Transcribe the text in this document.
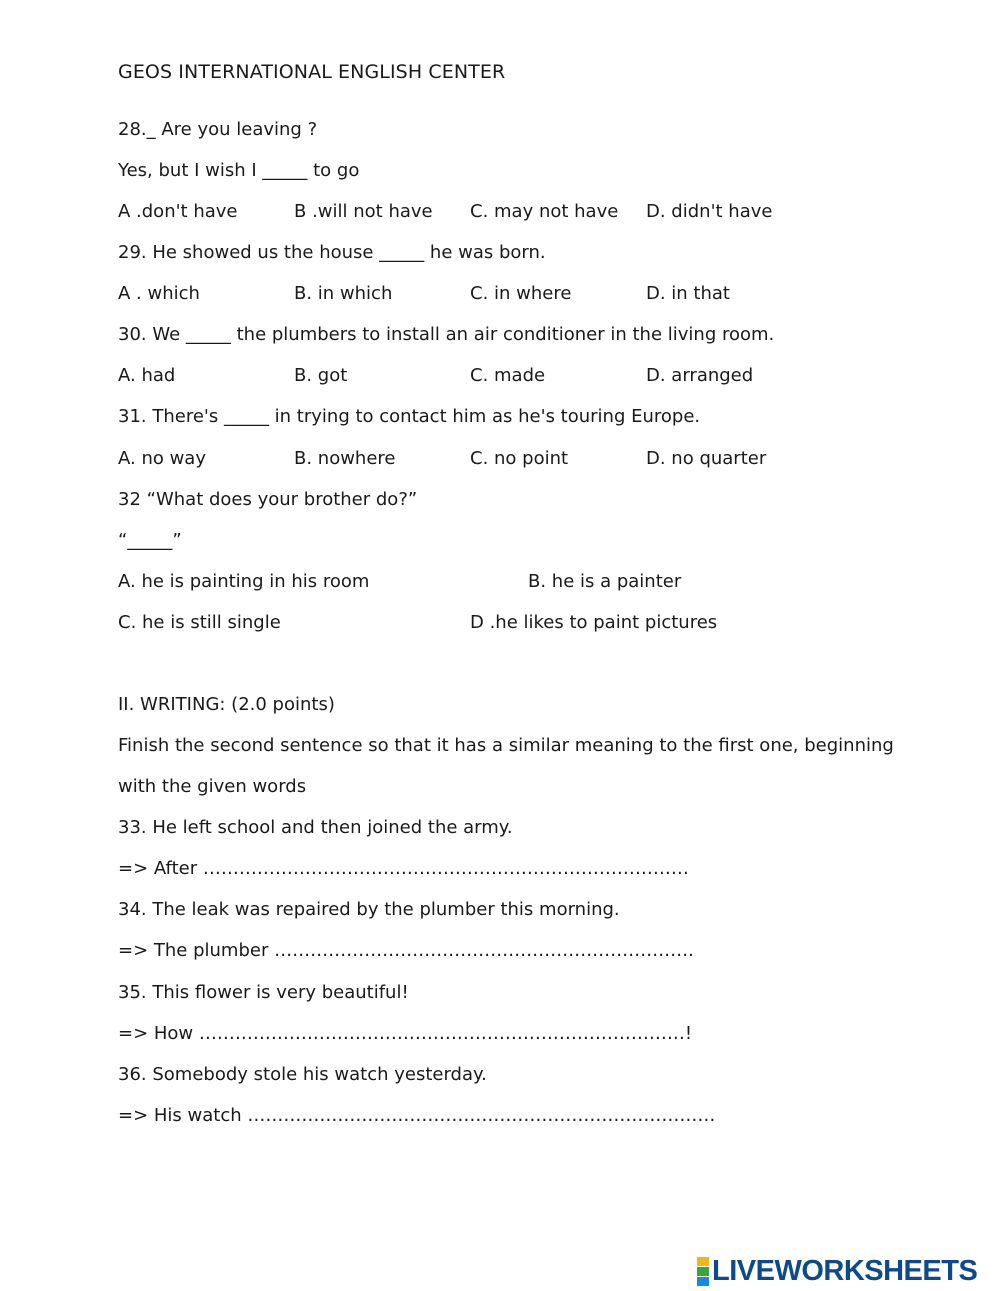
GEOS INTERNATIONAL ENGLISH CENTER
28._ Are you leaving ?
Yes, but I wish I _____ to go
A .don't have	B .will not have C. may not have D. didn't have
29. He showed us the house _____ he was born.
A . which	B. in which	C. in where	D. in that
30. We _____ the plumbers to install an air conditioner in the living room.
A. had	B. got	C. made	D. arranged
31. There's _____ in trying to contact him as he's touring Europe.
A. no way	B. nowhere	C. no point	D. no quarter
32 “What does your brother do?”
“_____”
A. he is painting in his room	B. he is a painter
C. he is still single	D .he likes to paint pictures
II. WRITING: (2.0 points)
Finish the second sentence so that it has a similar meaning to the first one, beginning
with the given words
33. He left school and then joined the army.
=> After ………………………………………………………………………
34. The leak was repaired by the plumber this morning.
=> The plumber …………………………………………………………….
35. This flower is very beautiful!
=> How ………………………………………………………………………!
36. Somebody stole his watch yesterday.
=> His watch ……………………………………………………………………
LIVEWORKSHEETS
